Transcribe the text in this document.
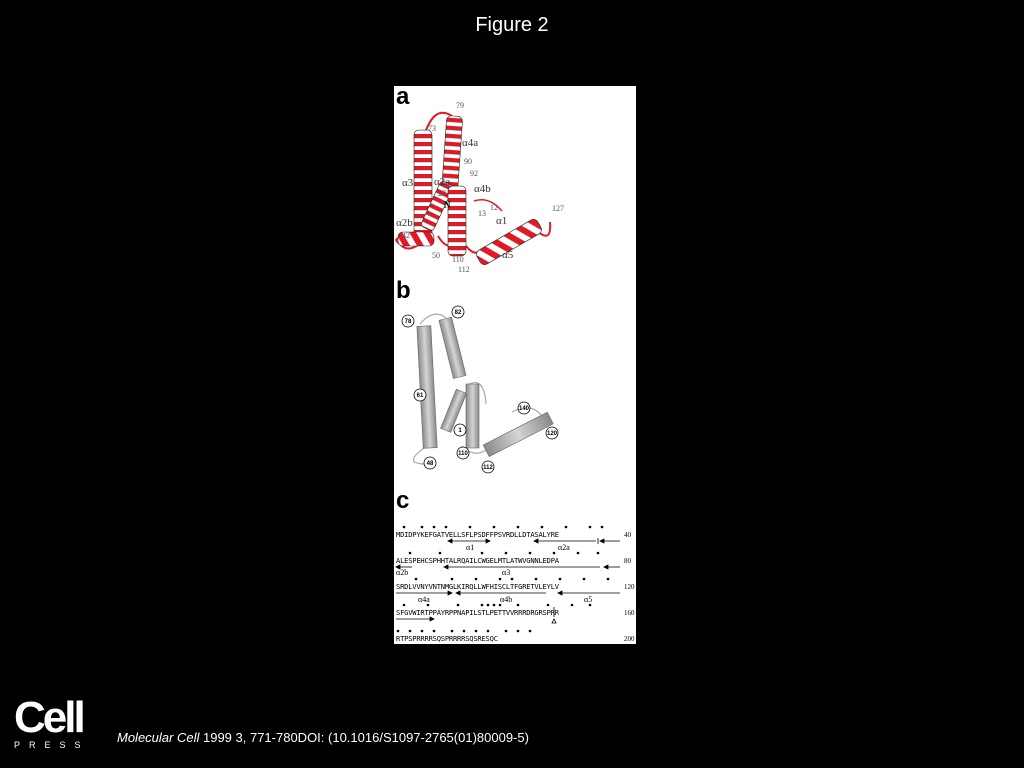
Figure 2
a
α4a
α3 α2a
α4b
α2b	α1
α5
79
73
90
92
27
12
13
127
42
50 110
112
N
b
78
82
61
140
1	120
48
110
112
c
MDIDPYKEFGATVELLSFLPSDFFPSVRDLLDTASALYRE	40
ALESPEHCSPHHTALRQAILCWGELMTLATWVGNNLEDPA	80
SRDLVVNYVNTNMGLKIRQLLWFHISCLTFGRETVLEYLV	120
SFGVWIRTPPAYRPPNAPILSTLPETTVVRRRDRGRSPRR	160
RTPSPRRRRSQSPRRRRSQSRESQC	200
α1	α2a
α2b	α3
α4a	α4b	α5
Cell
PRESS Molecular Cell 1999 3, 771-780DOI: (10.1016/S1097-2765(01)80009-5)
